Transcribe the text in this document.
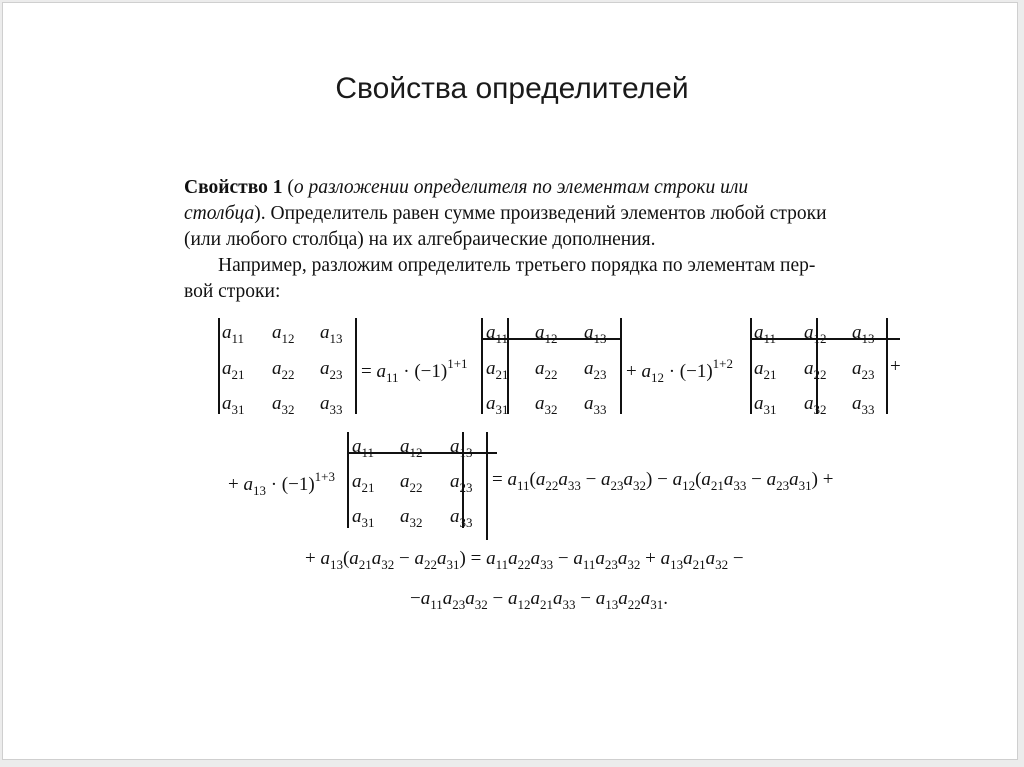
Свойства определителей
Свойство 1 (о разложении определителя по элементам строки или
столбца). Определитель равен сумме произведений элементов любой строки
(или любого столбца) на их алгебраические дополнения.
Например, разложим определитель третьего порядка по элементам пер-
вой строки:
$a_{11}$ $a_{12}$ $a_{13}$
$a_{21}$ $a_{22}$ $a_{23}$
$a_{31}$ $a_{32}$ $a_{33}$
= $a_{11} \cdot (-1)^{1+1}$
$a_{11}$ $a_{12}$ $a_{13}$
$a_{21}$ $a_{22}$ $a_{23}$
$a_{31}$ $a_{32}$ $a_{33}$
+ $a_{12} \cdot (-1)^{1+2}$
$a_{11}$ $a_{12}$ $a_{13}$
$a_{21}$ $a_{22}$ $a_{23}$
$a_{31}$ $a_{32}$ $a_{33}$
+
+ $a_{13} \cdot (-1)^{1+3}$
$a_{11}$ $a_{12}$ $a_{13}$
$a_{21}$ $a_{22}$ $a_{23}$
$a_{31}$ $a_{32}$ $a_{33}$
= $a_{11}(a_{22}a_{33} - a_{23}a_{32}) - a_{12}(a_{21}a_{33} - a_{23}a_{31})$ +
+ $a_{13}(a_{21}a_{32} - a_{22}a_{31}) = a_{11}a_{22}a_{33} - a_{11}a_{23}a_{32} + a_{13}a_{21}a_{32}$ −
$-a_{11}a_{23}a_{32} - a_{12}a_{21}a_{33} - a_{13}a_{22}a_{31}$.
